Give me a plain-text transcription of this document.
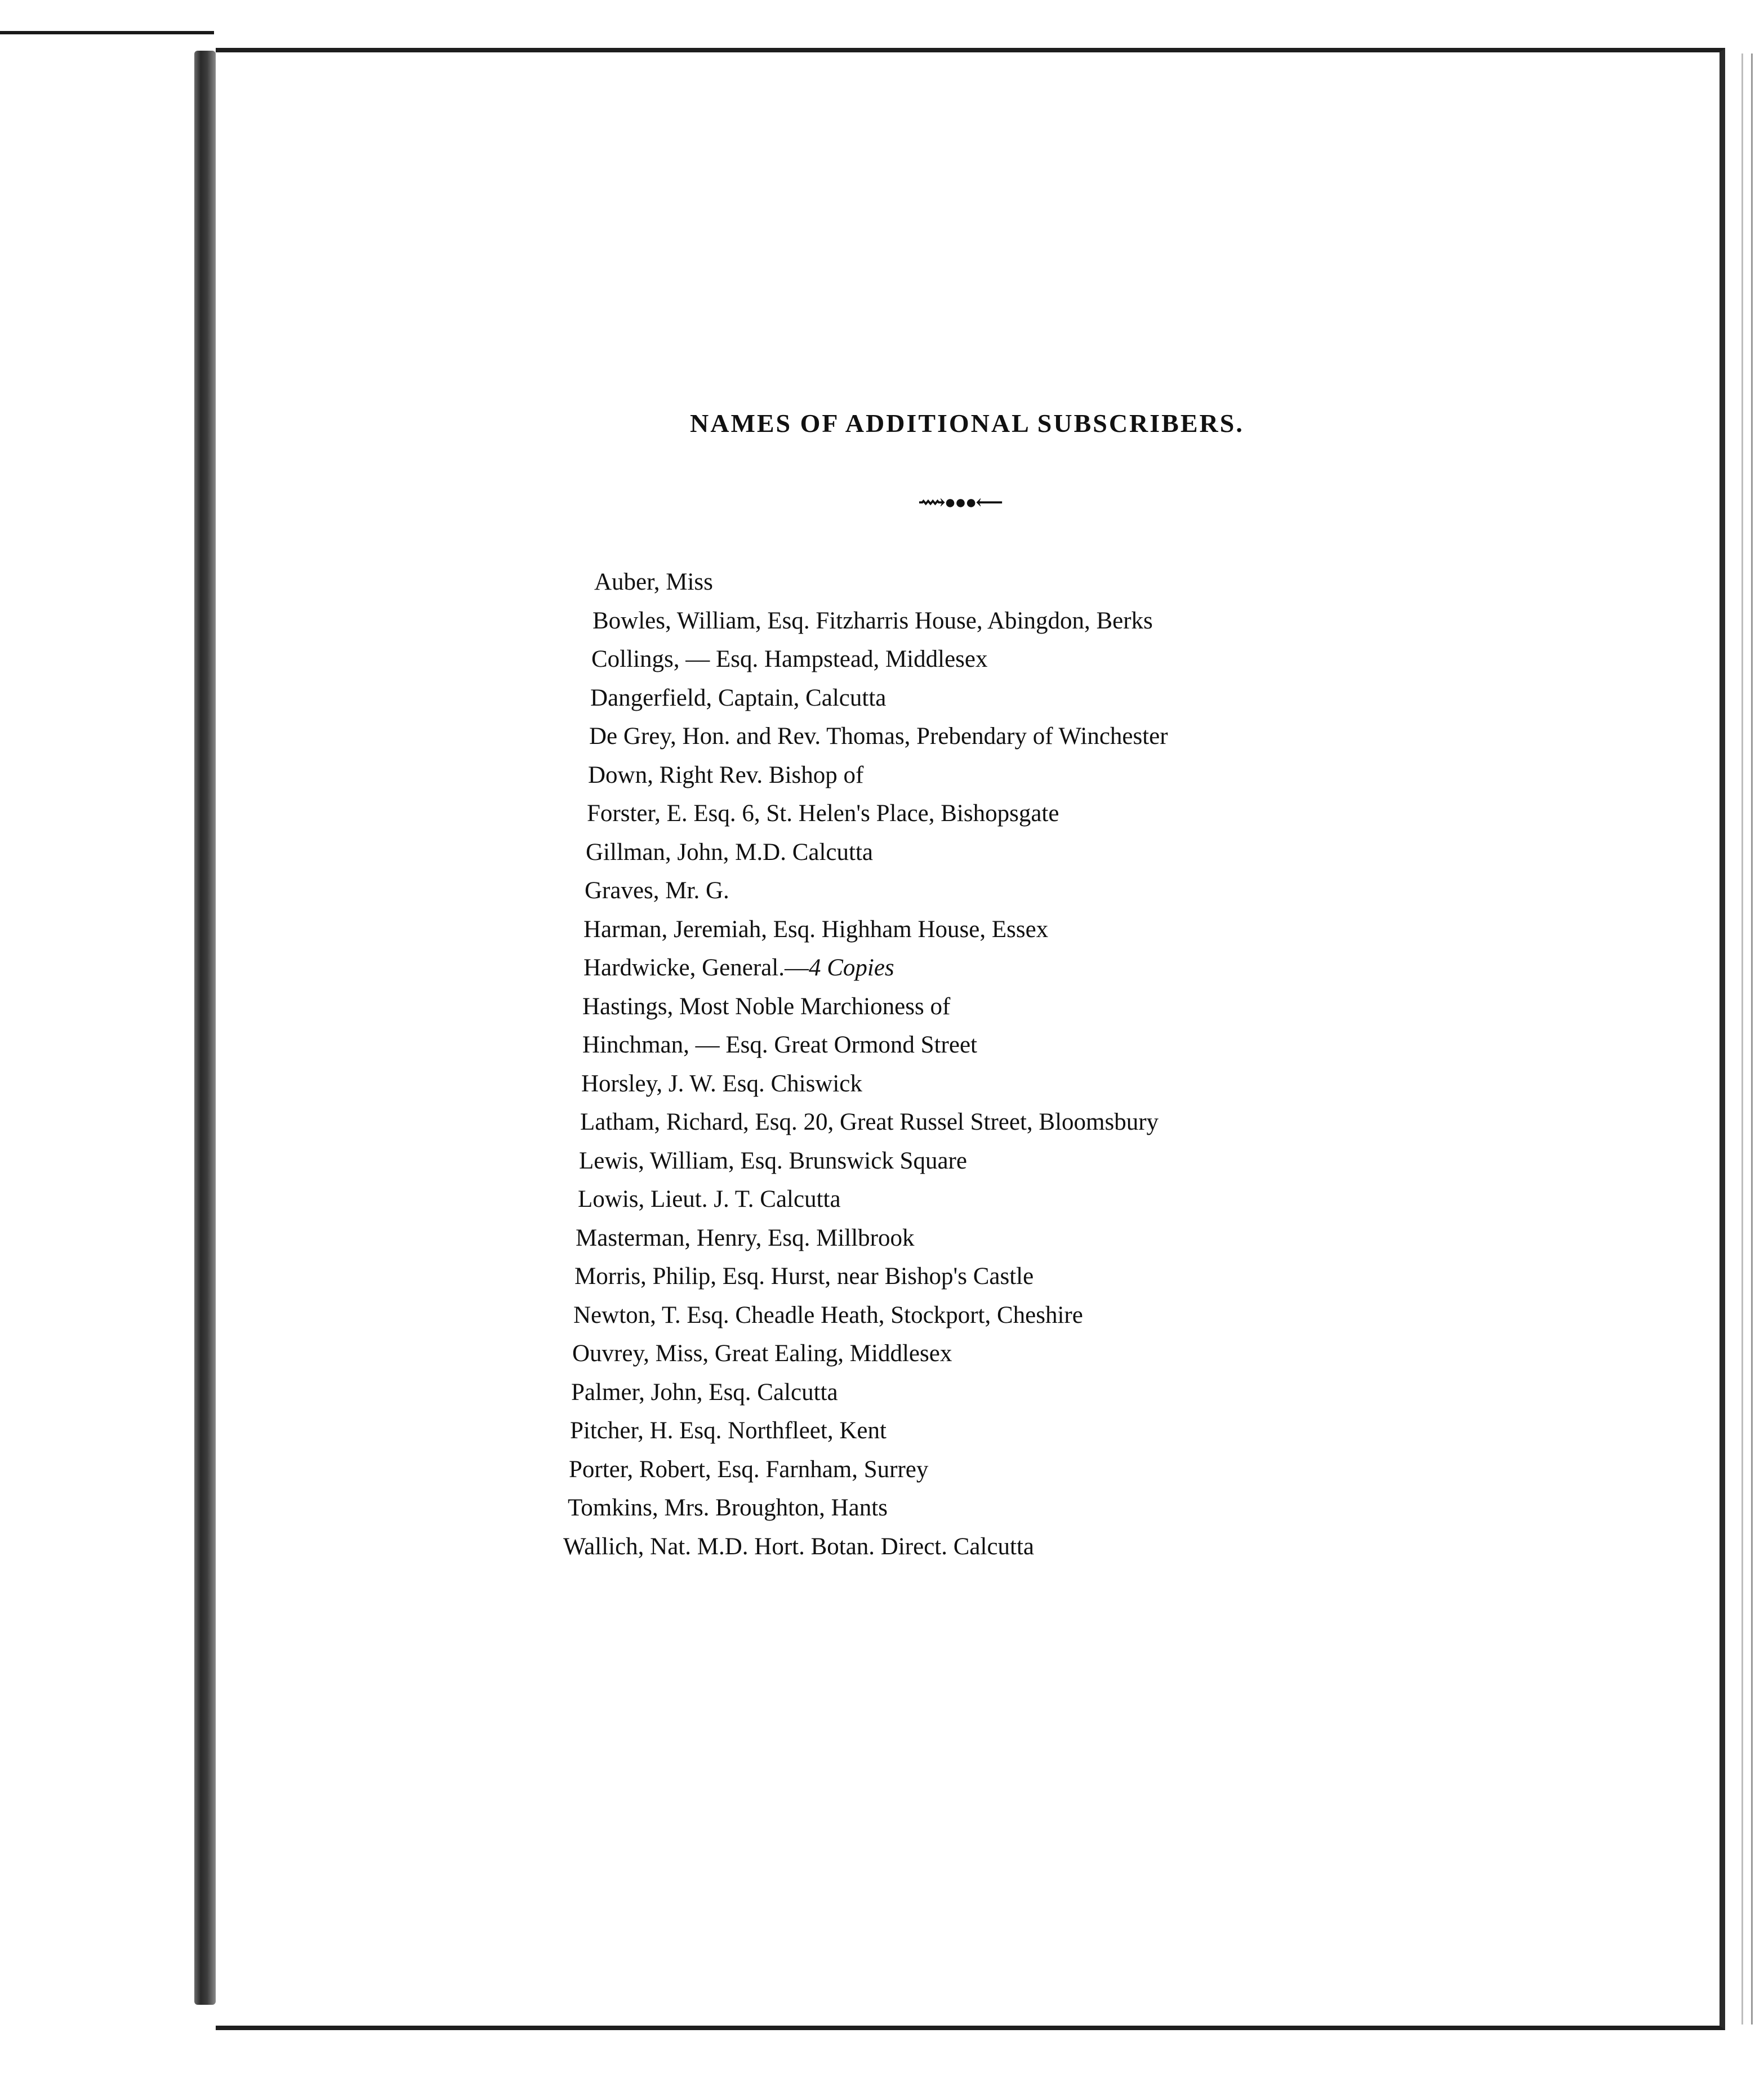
NAMES OF ADDITIONAL SUBSCRIBERS.
⟿●●●⟵
Auber, Miss
Bowles, William, Esq. Fitzharris House, Abingdon, Berks
Collings, — Esq. Hampstead, Middlesex
Dangerfield, Captain, Calcutta
De Grey, Hon. and Rev. Thomas, Prebendary of Winchester
Down, Right Rev. Bishop of
Forster, E. Esq. 6, St. Helen's Place, Bishopsgate
Gillman, John, M.D. Calcutta
Graves, Mr. G.
Harman, Jeremiah, Esq. Highham House, Essex
Hardwicke, General.—4 Copies
Hastings, Most Noble Marchioness of
Hinchman, — Esq. Great Ormond Street
Horsley, J. W. Esq. Chiswick
Latham, Richard, Esq. 20, Great Russel Street, Bloomsbury
Lewis, William, Esq. Brunswick Square
Lowis, Lieut. J. T. Calcutta
Masterman, Henry, Esq. Millbrook
Morris, Philip, Esq. Hurst, near Bishop's Castle
Newton, T. Esq. Cheadle Heath, Stockport, Cheshire
Ouvrey, Miss, Great Ealing, Middlesex
Palmer, John, Esq. Calcutta
Pitcher, H. Esq. Northfleet, Kent
Porter, Robert, Esq. Farnham, Surrey
Tomkins, Mrs. Broughton, Hants
Wallich, Nat. M.D. Hort. Botan. Direct. Calcutta
